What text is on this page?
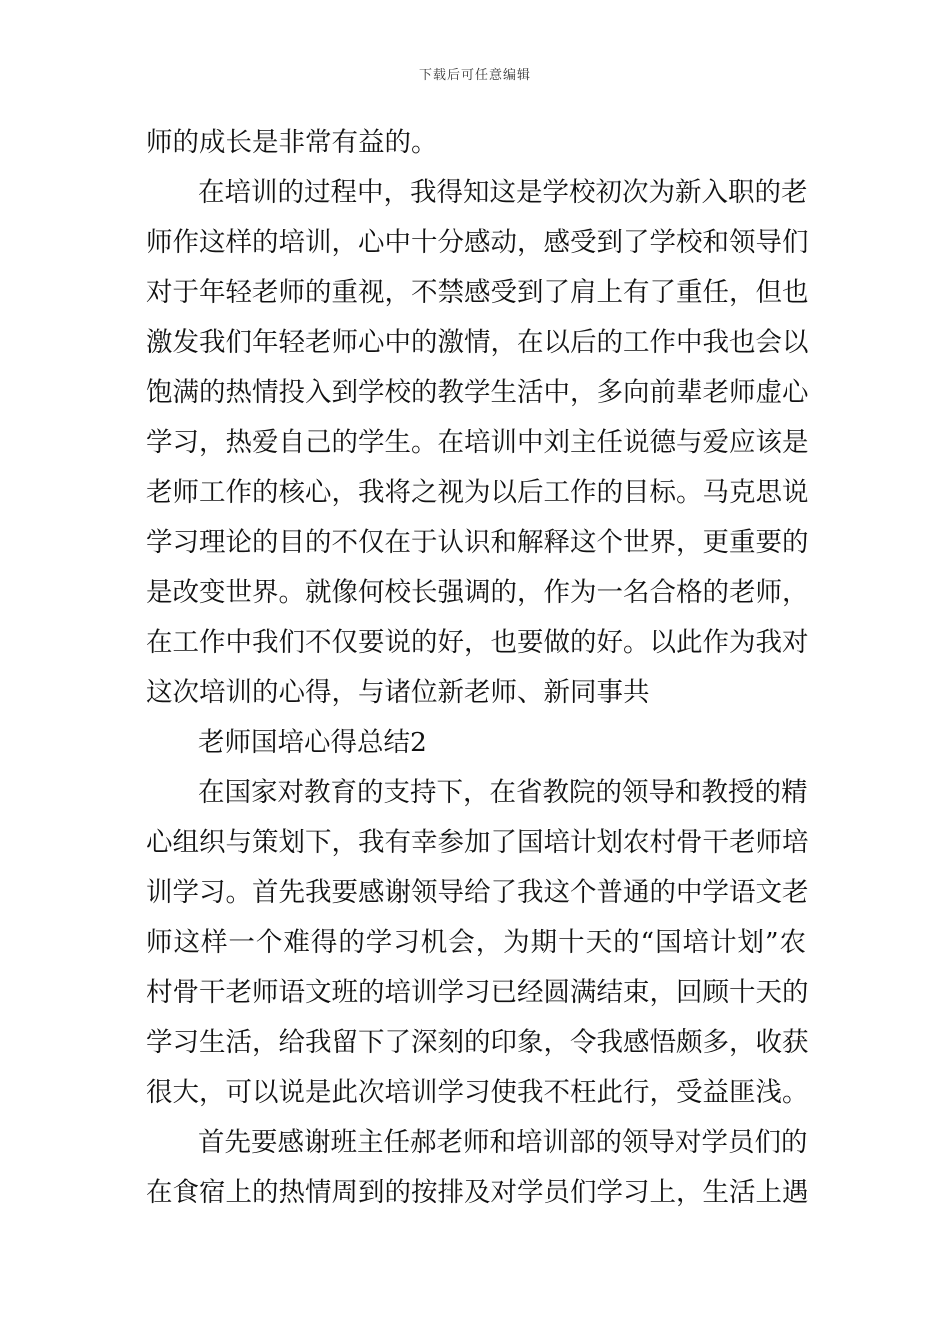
下载后可任意编辑
师的成长是非常有益的。
在培训的过程中，我得知这是学校初次为新入职的老
师作这样的培训，心中十分感动，感受到了学校和领导们
对于年轻老师的重视，不禁感受到了肩上有了重任，但也
激发我们年轻老师心中的激情，在以后的工作中我也会以
饱满的热情投入到学校的教学生活中，多向前辈老师虚心
学习，热爱自己的学生。在培训中刘主任说德与爱应该是
老师工作的核心，我将之视为以后工作的目标。马克思说
学习理论的目的不仅在于认识和解释这个世界，更重要的
是改变世界。就像何校长强调的，作为一名合格的老师，
在工作中我们不仅要说的好，也要做的好。以此作为我对
这次培训的心得，与诸位新老师、新同事共
老师国培心得总结2
在国家对教育的支持下，在省教院的领导和教授的精
心组织与策划下，我有幸参加了国培计划农村骨干老师培
训学习。首先我要感谢领导给了我这个普通的中学语文老
师这样一个难得的学习机会，为期十天的“国培计划”农
村骨干老师语文班的培训学习已经圆满结束，回顾十天的
学习生活，给我留下了深刻的印象，令我感悟颇多，收获
很大，可以说是此次培训学习使我不枉此行，受益匪浅。
首先要感谢班主任郝老师和培训部的领导对学员们的
在食宿上的热情周到的按排及对学员们学习上，生活上遇
